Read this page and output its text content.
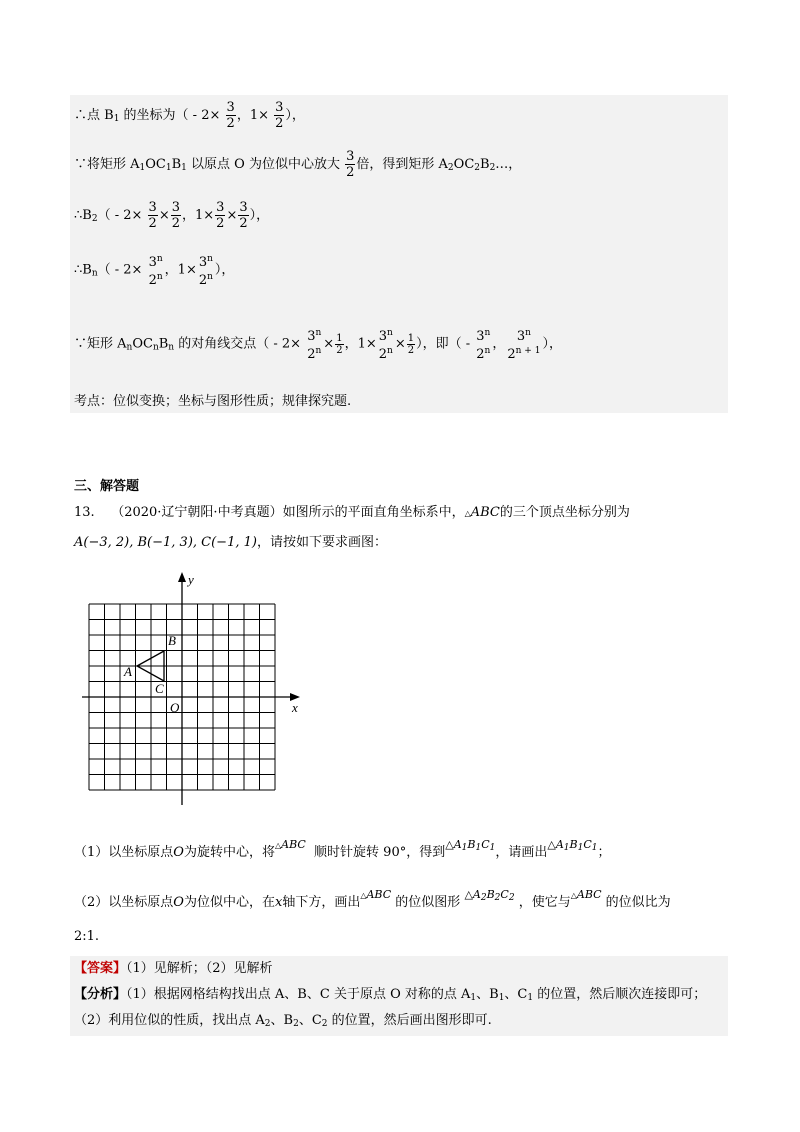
∴点 $B_1$ 的坐标为（ - $2\times \frac{3}{2}$ ，$1\times \frac{3}{2}$ ），
∵将矩形 $A_1OC_1B_1$ 以原点 O 为位似中心放大 $\frac{3}{2}$ 倍，得到矩形 $A_2OC_2B_2\dots$，
$\therefore B_2( - 2\times \frac{3}{2} \times \frac{3}{2}$ ，$1\times \frac{3}{2} \times \frac{3}{2}$ ），
$\therefore B_n( - 2\times 3^n$
2$^n$ ，$1\times 3^n$
2$^n$ ），
∵矩形 $A_nOC_nB_n$ 的对角线交点（ - $2\times 3^n$
$2^n \times \frac{1}{2}$ ，$1\times 3^n$
$2^n \times \frac{1}{2}$ ），即（ - 3$^n$
2$^n$ ， 3$^n$
$2^{n + 1}$ ），
考点：位似变换；坐标与图形性质；规律探究题.
三、解答题
13. （2020·辽宁朝阳·中考真题）如图所示的平面直角坐标系中，△ABC的三个顶点坐标分别为
A(−3, 2), B(−1, 3), C(−1, 1)，请按如下要求画图：
y
x
O
A
B
C
（1）以坐标原点O为旋转中心，将$^{\triangle ABC}$  顺时针旋转 90°，得到$^{\triangle A_1B_1C_1}$，请画出$^{\triangle A_1B_1C_1}$；
（2）以坐标原点O为位似中心，在x轴下方，画出$^{\triangle ABC}$ 的位似图形 $^{\triangle A_2B_2C_2}$ ，使它与$^{\triangle ABC}$ 的位似比为
2:1.
【答案】（1）见解析；（2）见解析
【分析】（1）根据网格结构找出点 A、B、C 关于原点 O 对称的点 $A_1$、$B_1$、$C_1$ 的位置，然后顺次连接即可；
（2）利用位似的性质，找出点 $A_2$、$B_2$、$C_2$ 的位置，然后画出图形即可.
